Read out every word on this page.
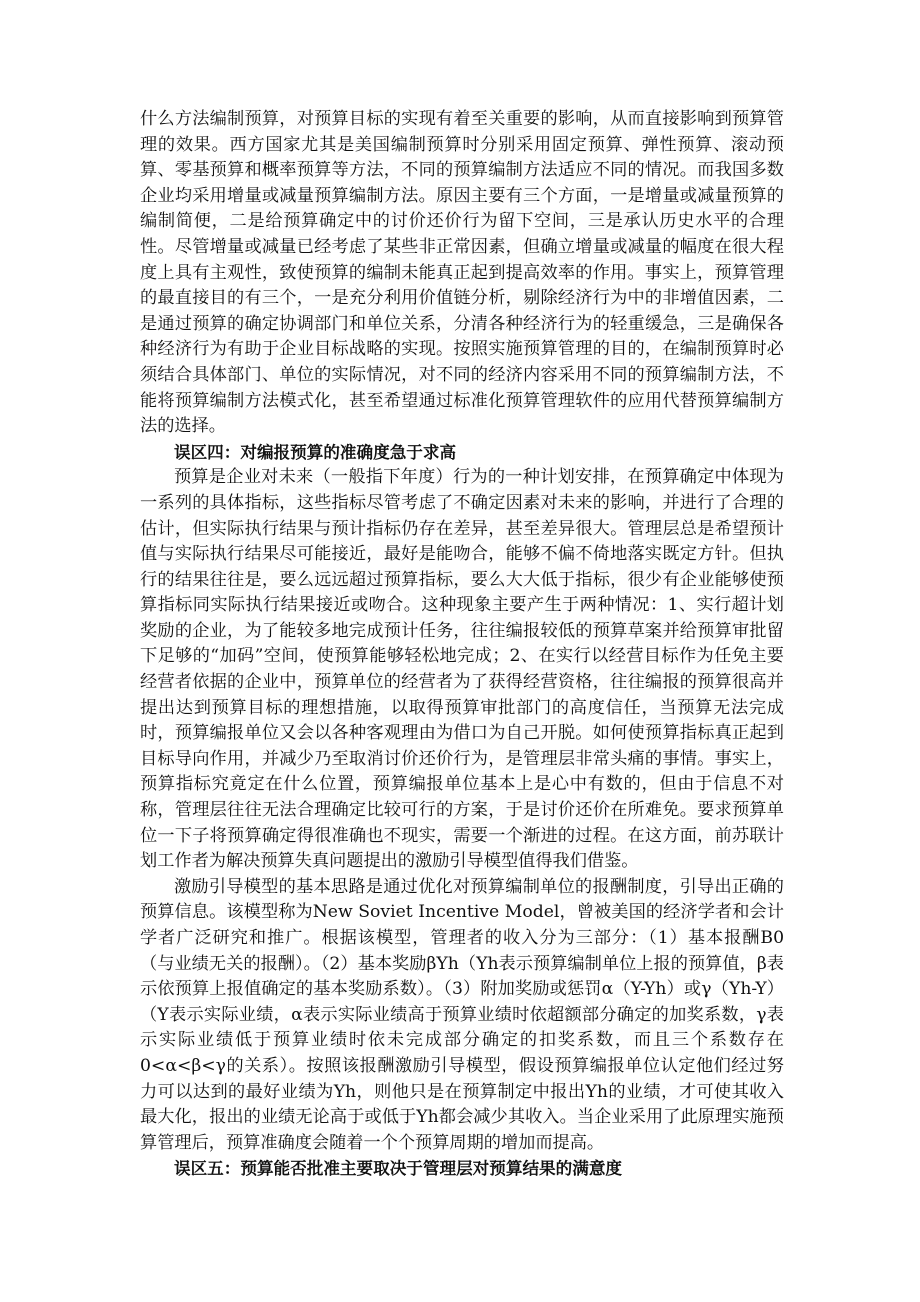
什么方法编制预算，对预算目标的实现有着至关重要的影响，从而直接影响到预算管理的效果。西方国家尤其是美国编制预算时分别采用固定预算、弹性预算、滚动预算、零基预算和概率预算等方法，不同的预算编制方法适应不同的情况。而我国多数企业均采用增量或减量预算编制方法。原因主要有三个方面，一是增量或减量预算的编制简便，二是给预算确定中的讨价还价行为留下空间，三是承认历史水平的合理性。尽管增量或减量已经考虑了某些非正常因素，但确立增量或减量的幅度在很大程度上具有主观性，致使预算的编制未能真正起到提高效率的作用。事实上，预算管理的最直接目的有三个，一是充分利用价值链分析，剔除经济行为中的非增值因素，二是通过预算的确定协调部门和单位关系，分清各种经济行为的轻重缓急，三是确保各种经济行为有助于企业目标战略的实现。按照实施预算管理的目的，在编制预算时必须结合具体部门、单位的实际情况，对不同的经济内容采用不同的预算编制方法，不能将预算编制方法模式化，甚至希望通过标准化预算管理软件的应用代替预算编制方法的选择。

误区四：对编报预算的准确度急于求高

预算是企业对未来（一般指下年度）行为的一种计划安排，在预算确定中体现为一系列的具体指标，这些指标尽管考虑了不确定因素对未来的影响，并进行了合理的估计，但实际执行结果与预计指标仍存在差异，甚至差异很大。管理层总是希望预计值与实际执行结果尽可能接近，最好是能吻合，能够不偏不倚地落实既定方针。但执行的结果往往是，要么远远超过预算指标，要么大大低于指标，很少有企业能够使预算指标同实际执行结果接近或吻合。这种现象主要产生于两种情况：1、实行超计划奖励的企业，为了能较多地完成预计任务，往往编报较低的预算草案并给预算审批留下足够的“加码”空间，使预算能够轻松地完成；2、在实行以经营目标作为任免主要经营者依据的企业中，预算单位的经营者为了获得经营资格，往往编报的预算很高并提出达到预算目标的理想措施，以取得预算审批部门的高度信任，当预算无法完成时，预算编报单位又会以各种客观理由为借口为自己开脱。如何使预算指标真正起到目标导向作用，并减少乃至取消讨价还价行为，是管理层非常头痛的事情。事实上，预算指标究竟定在什么位置，预算编报单位基本上是心中有数的，但由于信息不对称，管理层往往无法合理确定比较可行的方案，于是讨价还价在所难免。要求预算单位一下子将预算确定得很准确也不现实，需要一个渐进的过程。在这方面，前苏联计划工作者为解决预算失真问题提出的激励引导模型值得我们借鉴。

激励引导模型的基本思路是通过优化对预算编制单位的报酬制度，引导出正确的预算信息。该模型称为New Soviet Incentive Model，曾被美国的经济学者和会计学者广泛研究和推广。根据该模型，管理者的收入分为三部分：（1）基本报酬B0（与业绩无关的报酬）。（2）基本奖励βYh（Yh表示预算编制单位上报的预算值，β表示依预算上报值确定的基本奖励系数）。（3）附加奖励或惩罚α（Y-Yh）或γ（Yh-Y）（Y表示实际业绩，α表示实际业绩高于预算业绩时依超额部分确定的加奖系数，γ表示实际业绩低于预算业绩时依未完成部分确定的扣奖系数，而且三个系数存在0<α<β<γ的关系）。按照该报酬激励引导模型，假设预算编报单位认定他们经过努力可以达到的最好业绩为Yh，则他只是在预算制定中报出Yh的业绩，才可使其收入最大化，报出的业绩无论高于或低于Yh都会减少其收入。当企业采用了此原理实施预算管理后，预算准确度会随着一个个预算周期的增加而提高。

误区五：预算能否批准主要取决于管理层对预算结果的满意度
